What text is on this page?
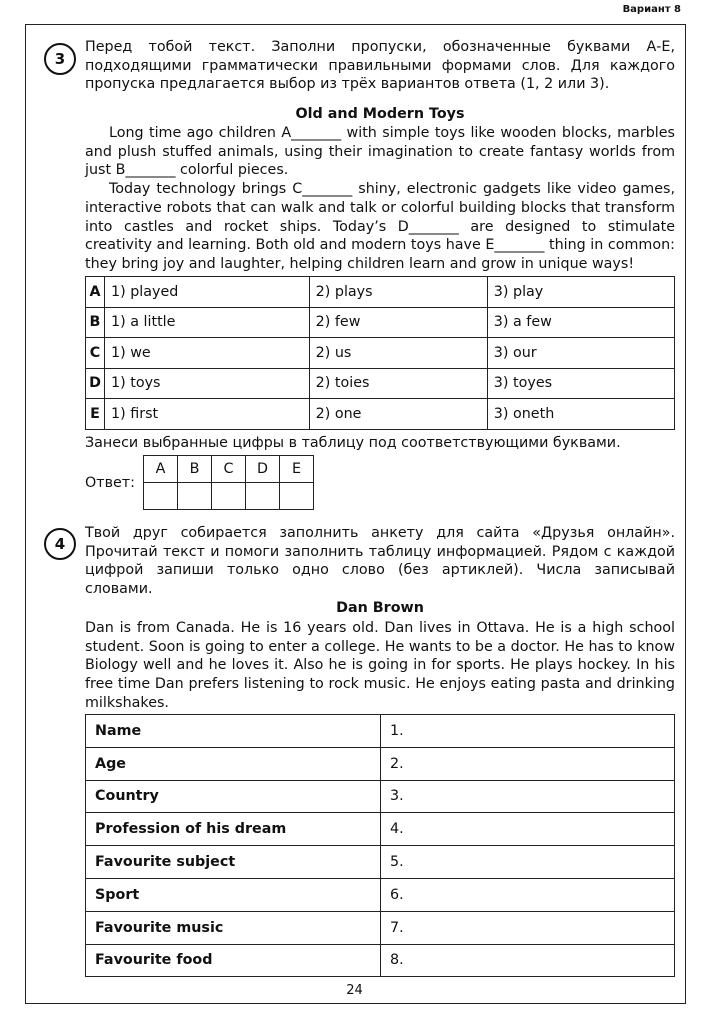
Вариант 8
3
Перед тобой текст. Заполни пропуски, обозначенные буквами А-Е, подходящими грамматически правильными формами слов. Для каждого пропуска предлагается выбор из трёх вариантов ответа (1, 2 или 3).
Old and Modern Toys

Long time ago children A_______ with simple toys like wooden blocks, marbles and plush stuffed animals, using their imagination to create fantasy worlds from just B_______ colorful pieces.

Today technology brings C_______ shiny, electronic gadgets like video games, interactive robots that can walk and talk or colorful building blocks that transform into castles and rocket ships. Today’s D_______ are designed to stimulate creativity and learning. Both old and modern toys have E_______ thing in common: they bring joy and laughter, helping children learn and grow in unique ways!

A	1) played	2) plays	3) play
B	1) a little	2) few	3) a few
C	1) we	2) us	3) our
D	1) toys	2) toies	3) toyes
E	1) first	2) one	3) oneth
Занеси выбранные цифры в таблицу под соответствующими буквами.
Ответ:
А	В	С	D	Е

4
Твой друг собирается заполнить анкету для сайта «Друзья онлайн». Прочитай текст и помоги заполнить таблицу информацией. Рядом с каждой цифрой запиши только одно слово (без артиклей). Числа записывай словами.
Dan Brown
Dan is from Canada. He is 16 years old. Dan lives in Ottava. He is a high school student. Soon is going to enter a college. He wants to be a doctor. He has to know Biology well and he loves it. Also he is going in for sports. He plays hockey. In his free time Dan prefers listening to rock music. He enjoys eating pasta and drinking milkshakes.
Name	1.
Age	2.
Country	3.
Profession of his dream	4.
Favourite subject	5.
Sport	6.
Favourite music	7.
Favourite food	8.
24
